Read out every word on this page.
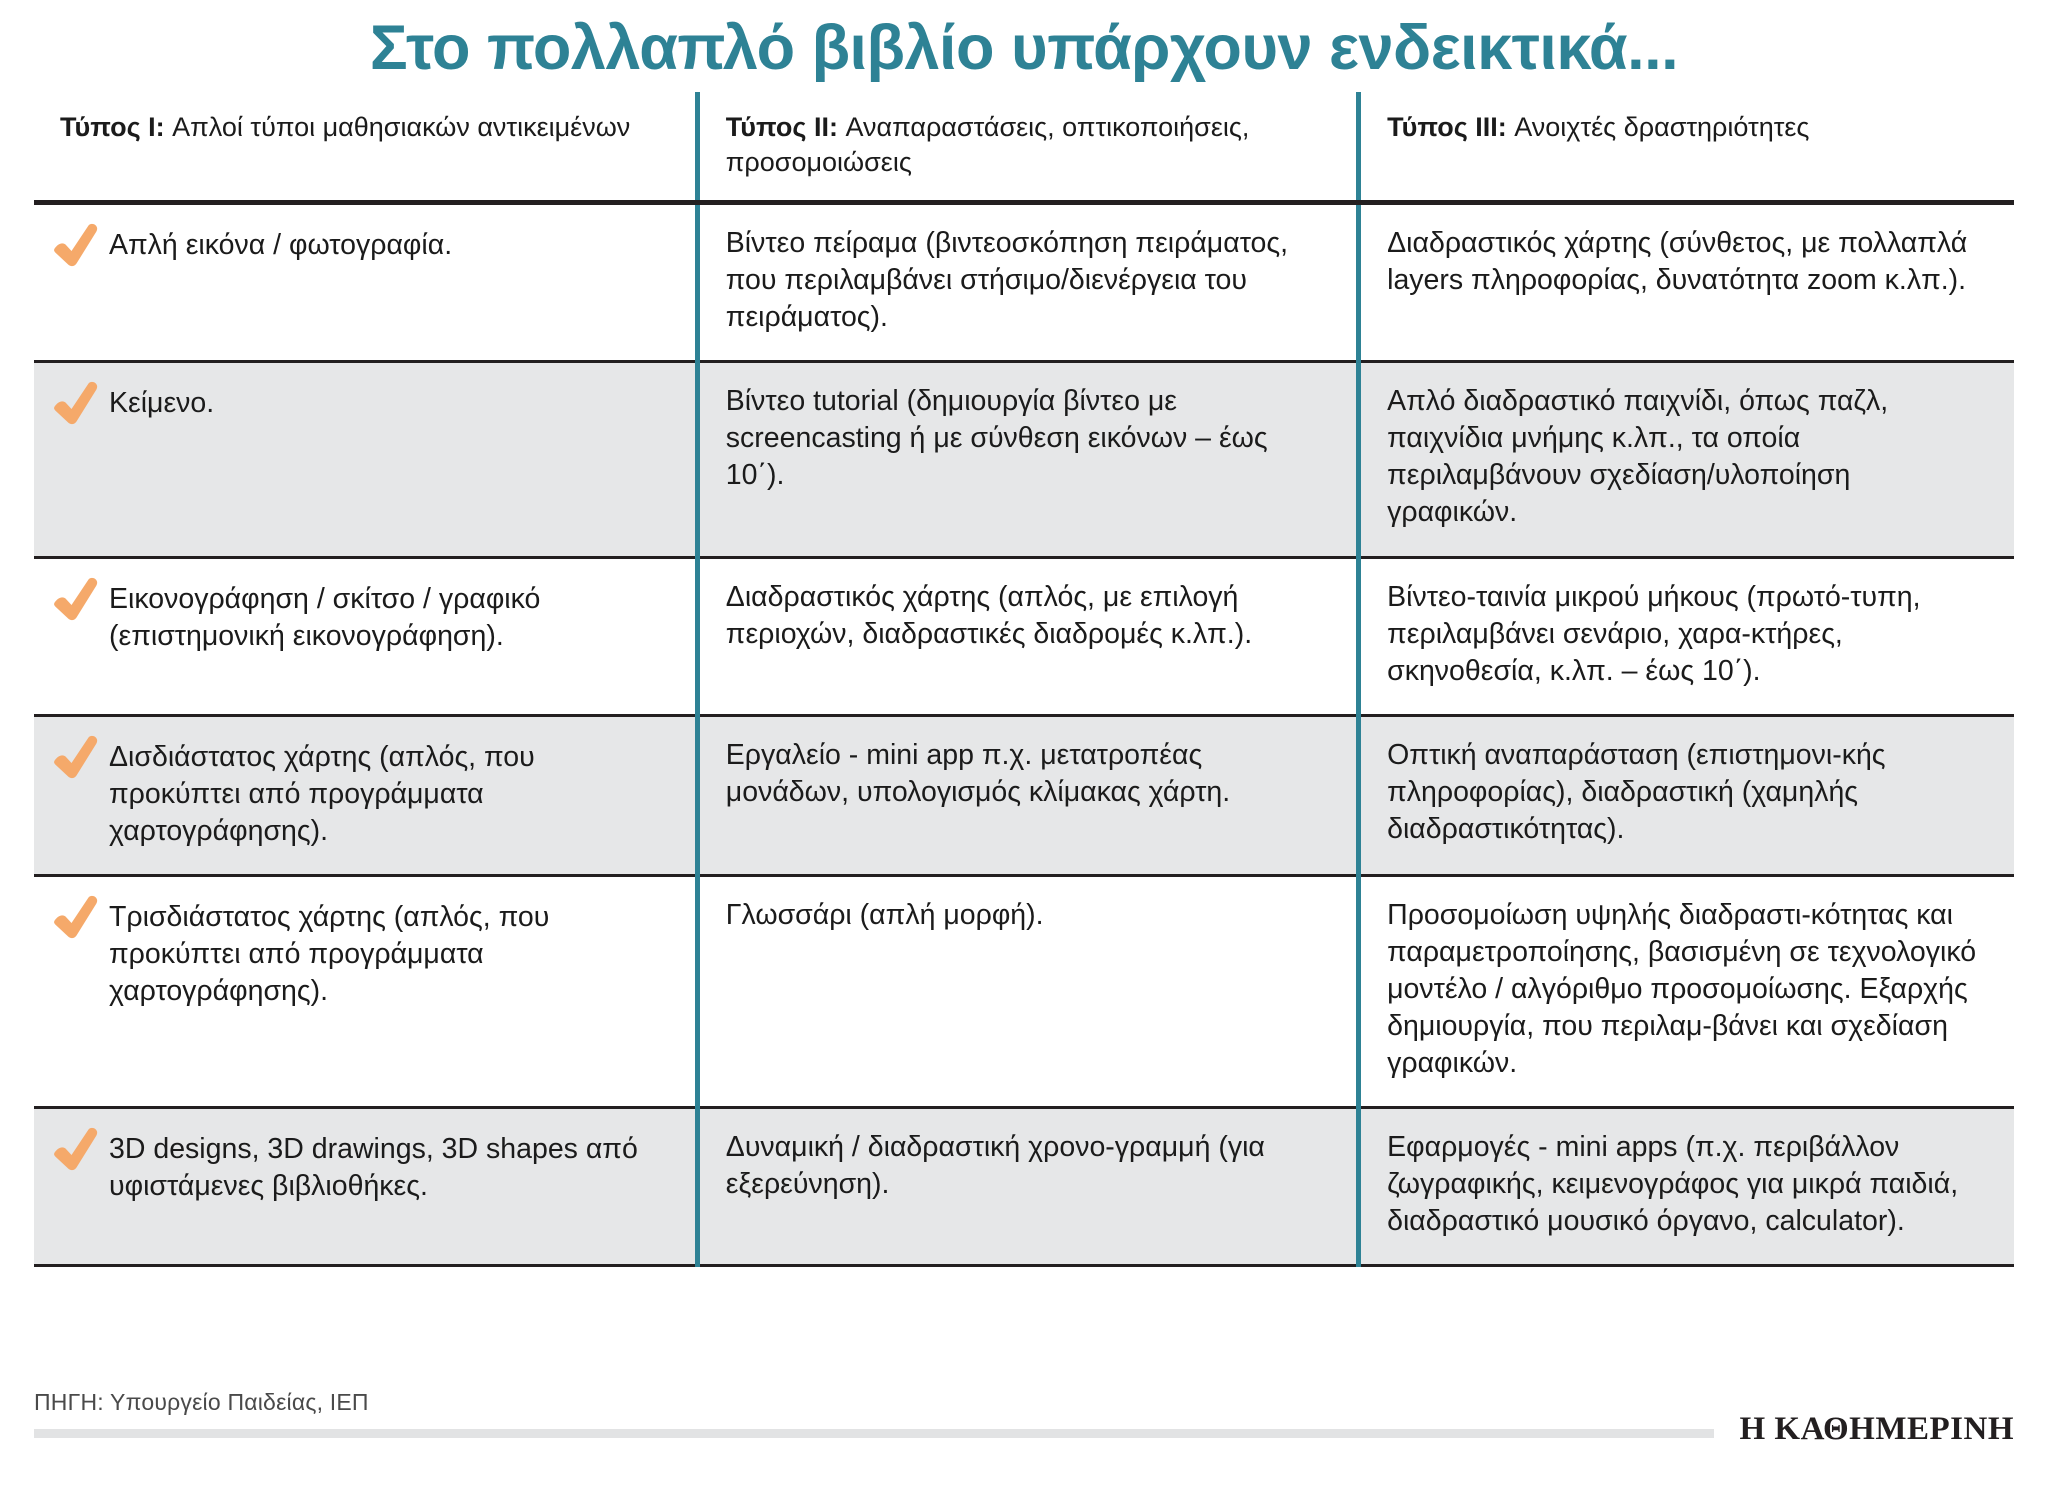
Στο πολλαπλό βιβλίο υπάρχουν ενδεικτικά...
Τύπος I: Απλοί τύποι μαθησιακών αντικειμένων	Τύπος II: Αναπαραστάσεις, οπτικοποιήσεις, προσομοιώσεις	Τύπος III: Ανοιχτές δραστηριότητες

Απλή εικόνα / φωτογραφία.	Βίντεο πείραμα (βιντεοσκόπηση πειράματος, που περιλαμβάνει στήσιμο/διενέργεια του πειράματος).	Διαδραστικός χάρτης (σύνθετος, με πολλαπλά layers πληροφορίας, δυνατότητα zoom κ.λπ.).

Κείμενο.	Βίντεο tutorial (δημιουργία βίντεο με screencasting ή με σύνθεση εικόνων – έως 10΄).	Απλό διαδραστικό παιχνίδι, όπως παζλ, παιχνίδια μνήμης κ.λπ., τα οποία περιλαμβάνουν σχεδίαση/υλοποίηση γραφικών.

Εικονογράφηση / σκίτσο / γραφικό (επιστημονική εικονογράφηση).	Διαδραστικός χάρτης (απλός, με επιλογή περιοχών, διαδραστικές διαδρομές κ.λπ.).	Βίντεο-ταινία μικρού μήκους (πρωτό-τυπη, περιλαμβάνει σενάριο, χαρα-κτήρες, σκηνοθεσία, κ.λπ. – έως 10΄).

Δισδιάστατος χάρτης (απλός, που προκύπτει από προγράμματα χαρτογράφησης).	Εργαλείο - mini app π.χ. μετατροπέας μονάδων, υπολογισμός κλίμακας χάρτη.	Οπτική αναπαράσταση (επιστημονι-κής πληροφορίας), διαδραστική (χαμηλής διαδραστικότητας).

Τρισδιάστατος χάρτης (απλός, που προκύπτει από προγράμματα χαρτογράφησης).	Γλωσσάρι (απλή μορφή).	Προσομοίωση υψηλής διαδραστι-κότητας και παραμετροποίησης, βασισμένη σε τεχνολογικό μοντέλο / αλγόριθμο προσομοίωσης. Εξαρχής δημιουργία, που περιλαμ-βάνει και σχεδίαση γραφικών.

3D designs, 3D drawings, 3D shapes από υφιστάμενες βιβλιοθήκες.	Δυναμική / διαδραστική χρονο-γραμμή (για εξερεύνηση).	Εφαρμογές - mini apps (π.χ. περιβάλλον ζωγραφικής, κειμενογράφος για μικρά παιδιά, διαδραστικό μουσικό όργανο, calculator).
ΠΗΓΗ: Υπουργείο Παιδείας, ΙΕΠ
Η ΚΑΘΗΜΕΡΙΝΗ
